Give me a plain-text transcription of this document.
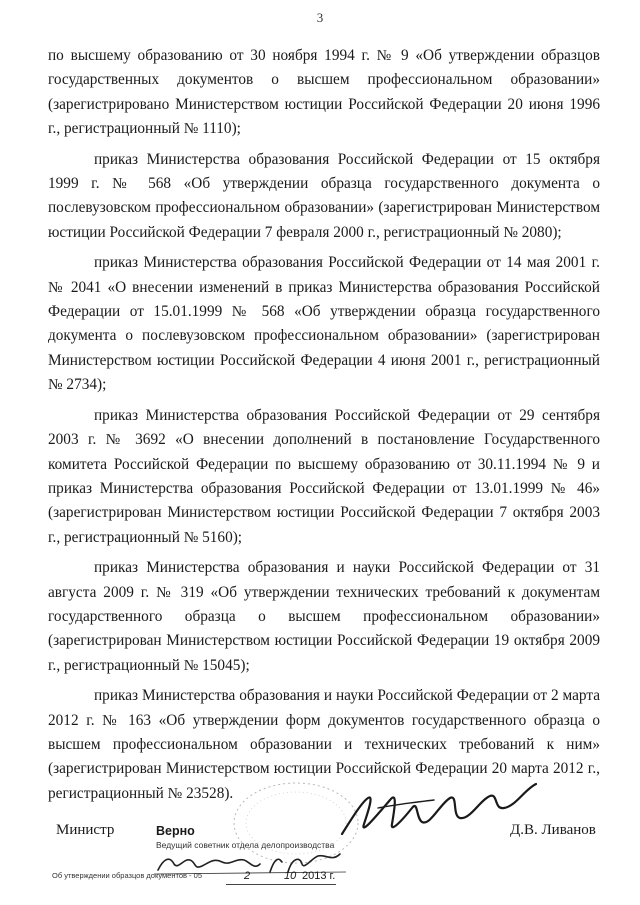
3

по высшему образованию от 30 ноября 1994 г. № 9 «Об утверждении образцов государственных документов о высшем профессиональном образовании» (зарегистрировано Министерством юстиции Российской Федерации 20 июня 1996 г., регистрационный № 1110);

приказ Министерства образования Российской Федерации от 15 октября 1999 г. № 568 «Об утверждении образца государственного документа о послевузовском профессиональном образовании» (зарегистрирован Министерством юстиции Российской Федерации 7 февраля 2000 г., регистрационный № 2080);

приказ Министерства образования Российской Федерации от 14 мая 2001 г. № 2041 «О внесении изменений в приказ Министерства образования Российской Федерации от 15.01.1999 № 568 «Об утверждении образца государственного документа о послевузовском профессиональном образовании» (зарегистрирован Министерством юстиции Российской Федерации 4 июня 2001 г., регистрационный № 2734);

приказ Министерства образования Российской Федерации от 29 сентября 2003 г. № 3692 «О внесении дополнений в постановление Государственного комитета Российской Федерации по высшему образованию от 30.11.1994 № 9 и приказ Министерства образования Российской Федерации от 13.01.1999 № 46» (зарегистрирован Министерством юстиции Российской Федерации 7 октября 2003 г., регистрационный № 5160);

приказ Министерства образования и науки Российской Федерации от 31 августа 2009 г. № 319 «Об утверждении технических требований к документам государственного образца о высшем профессиональном образовании» (зарегистрирован Министерством юстиции Российской Федерации 19 октября 2009 г., регистрационный № 15045);

приказ Министерства образования и науки Российской Федерации от 2 марта 2012 г. № 163 «Об утверждении форм документов государственного образца о высшем профессиональном образовании и технических требований к ним» (зарегистрирован Министерством юстиции Российской Федерации 20 марта 2012 г., регистрационный № 23528).

Министр	Д.В. Ливанов
Верно
Ведущий советник отдела делопроизводства
Об утверждении образцов документов - 05	2	10 2013 г.
